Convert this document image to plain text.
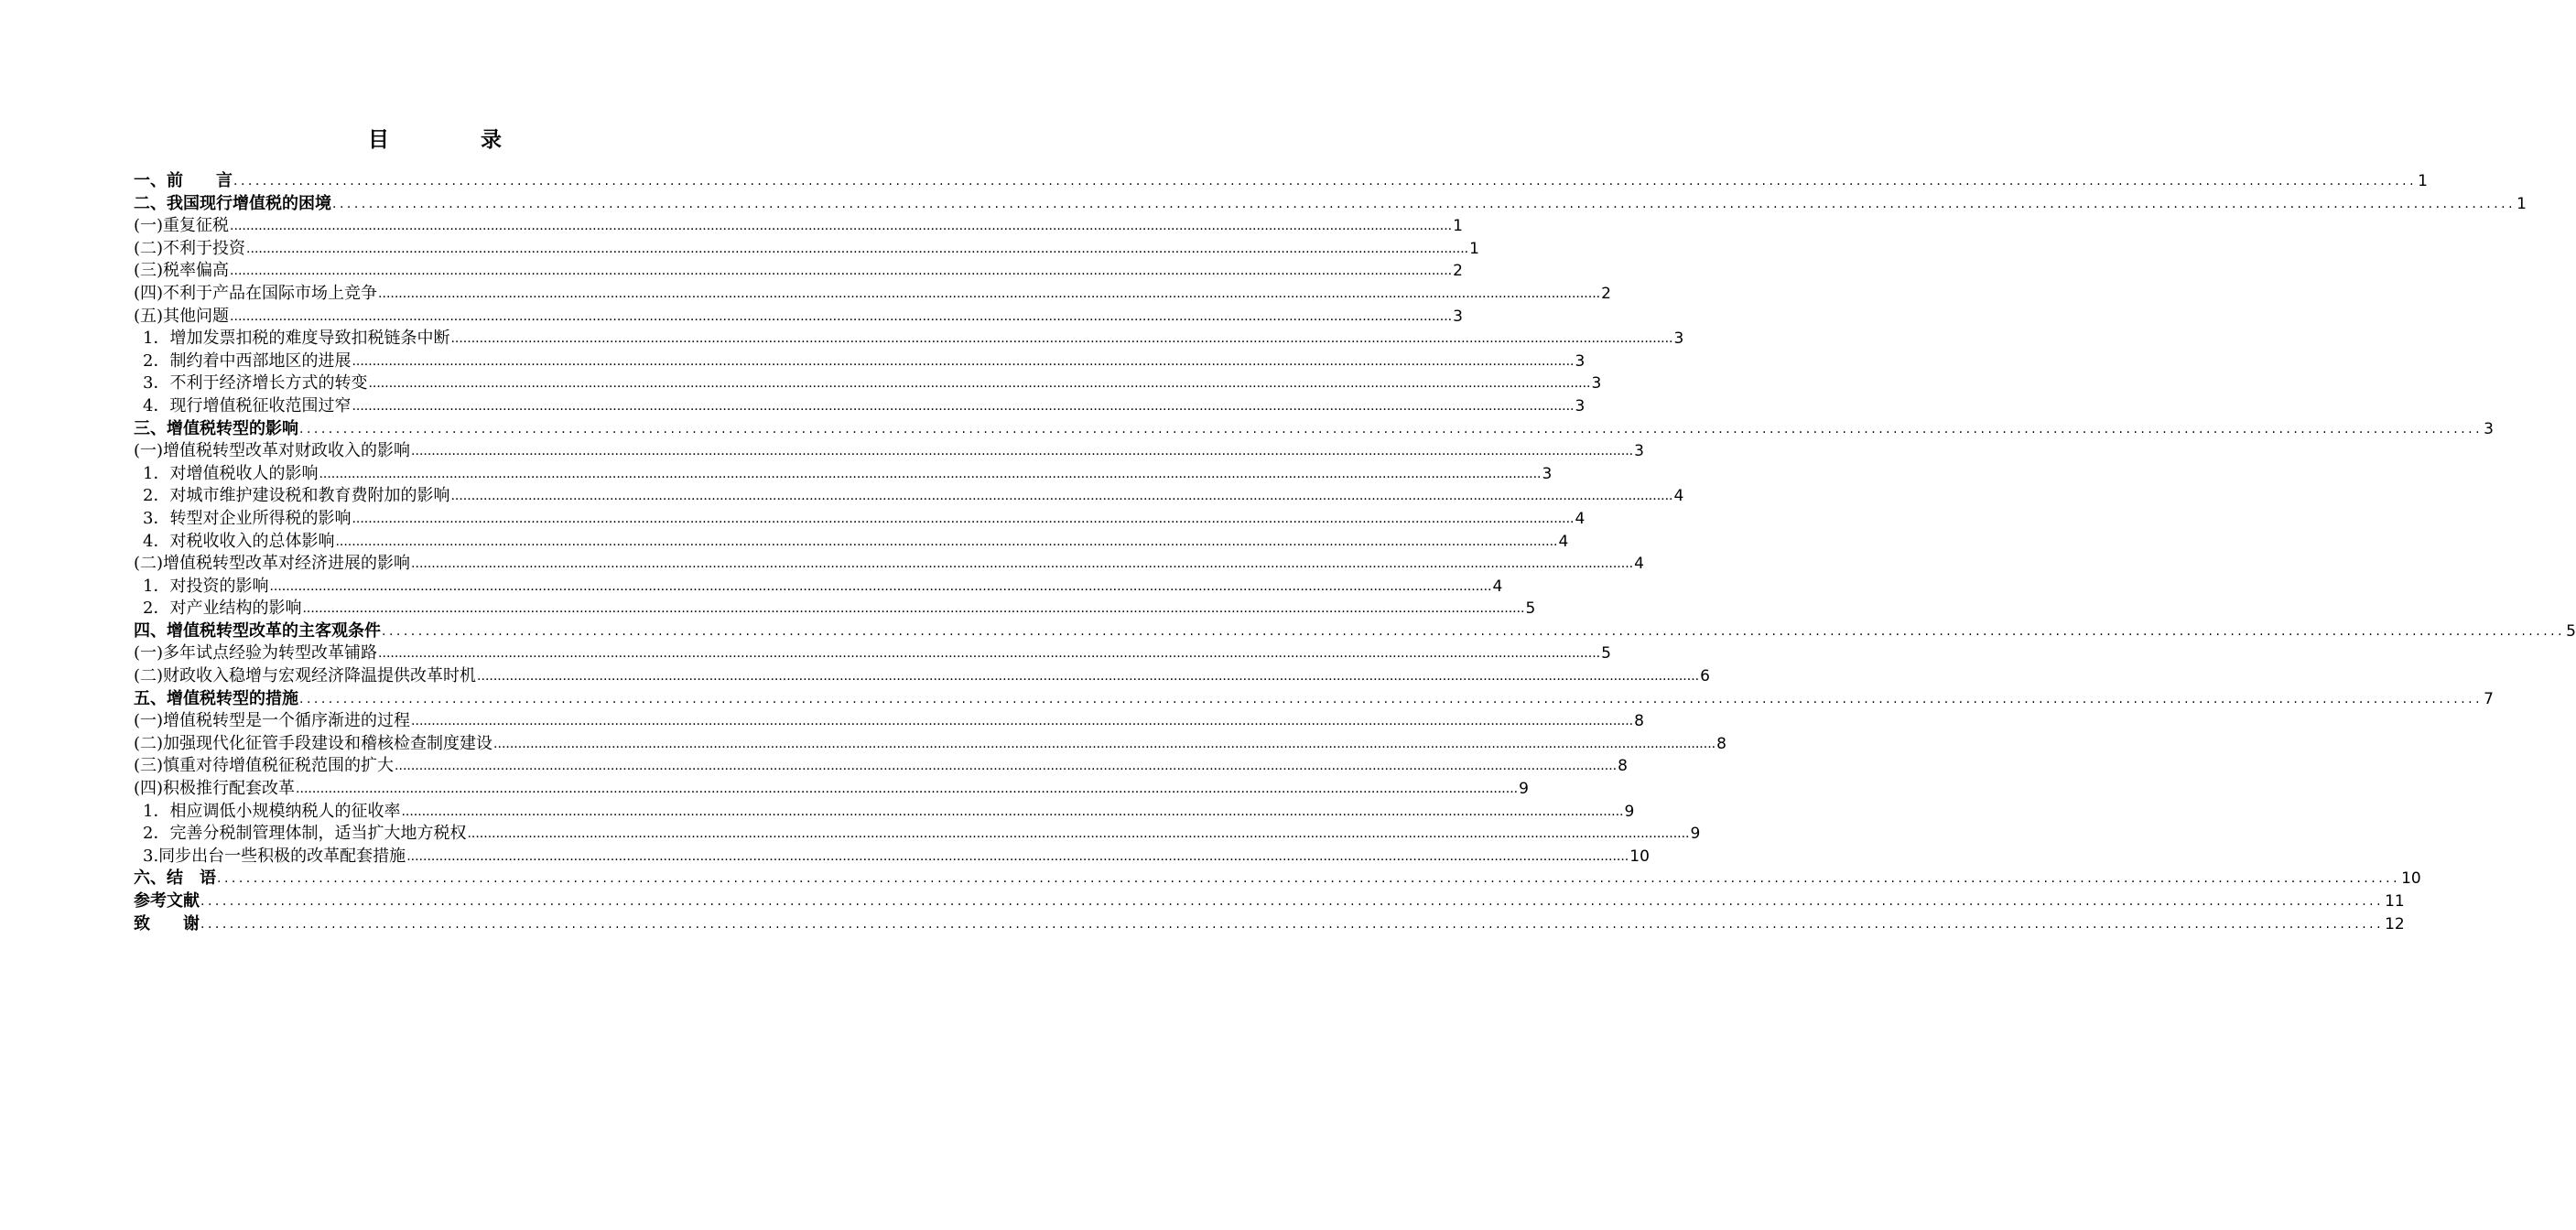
目 录
一、前　　言 ............................................................................................................................................................................................................................................................................................................ 1
二、我国现行增值税的困境 ............................................................................................................................................................................................................................................................................................................ 1
(一)重复征税 ............................................................................................................................................................................................................................................................................................................ 1
(二)不利于投资 ............................................................................................................................................................................................................................................................................................................ 1
(三)税率偏高 ............................................................................................................................................................................................................................................................................................................ 2
(四)不利于产品在国际市场上竞争 ............................................................................................................................................................................................................................................................................................................ 2
(五)其他问题 ............................................................................................................................................................................................................................................................................................................ 3
1．增加发票扣税的难度导致扣税链条中断 ............................................................................................................................................................................................................................................................................................................ 3
2．制约着中西部地区的进展 ............................................................................................................................................................................................................................................................................................................ 3
3．不利于经济增长方式的转变 ............................................................................................................................................................................................................................................................................................................ 3
4．现行增值税征收范围过窄 ............................................................................................................................................................................................................................................................................................................ 3
三、增值税转型的影响 ............................................................................................................................................................................................................................................................................................................ 3
(一)增值税转型改革对财政收入的影响 ............................................................................................................................................................................................................................................................................................................ 3
1．对增值税收人的影响 ............................................................................................................................................................................................................................................................................................................ 3
2．对城市维护建设税和教育费附加的影响 ............................................................................................................................................................................................................................................................................................................ 4
3．转型对企业所得税的影响 ............................................................................................................................................................................................................................................................................................................ 4
4．对税收收入的总体影响 ............................................................................................................................................................................................................................................................................................................ 4
(二)增值税转型改革对经济进展的影响 ............................................................................................................................................................................................................................................................................................................ 4
1．对投资的影响 ............................................................................................................................................................................................................................................................................................................ 4
2．对产业结构的影响 ............................................................................................................................................................................................................................................................................................................ 5
四、增值税转型改革的主客观条件 ............................................................................................................................................................................................................................................................................................................ 5
(一)多年试点经验为转型改革铺路 ............................................................................................................................................................................................................................................................................................................ 5
(二)财政收入稳增与宏观经济降温提供改革时机 ............................................................................................................................................................................................................................................................................................................ 6
五、增值税转型的措施 ............................................................................................................................................................................................................................................................................................................ 7
(一)增值税转型是一个循序渐进的过程 ............................................................................................................................................................................................................................................................................................................ 8
(二)加强现代化征管手段建设和稽核检查制度建设 ............................................................................................................................................................................................................................................................................................................ 8
(三)慎重对待增值税征税范围的扩大 ............................................................................................................................................................................................................................................................................................................ 8
(四)积极推行配套改革 ............................................................................................................................................................................................................................................................................................................ 9
1．相应调低小规模纳税人的征收率 ............................................................................................................................................................................................................................................................................................................ 9
2．完善分税制管理体制，适当扩大地方税权 ............................................................................................................................................................................................................................................................................................................ 9
3.同步出台一些积极的改革配套措施 ............................................................................................................................................................................................................................................................................................................ 10
六、结　语 ............................................................................................................................................................................................................................................................................................................ 10
参考文献 ............................................................................................................................................................................................................................................................................................................ 11
致　　谢 ............................................................................................................................................................................................................................................................................................................ 12
